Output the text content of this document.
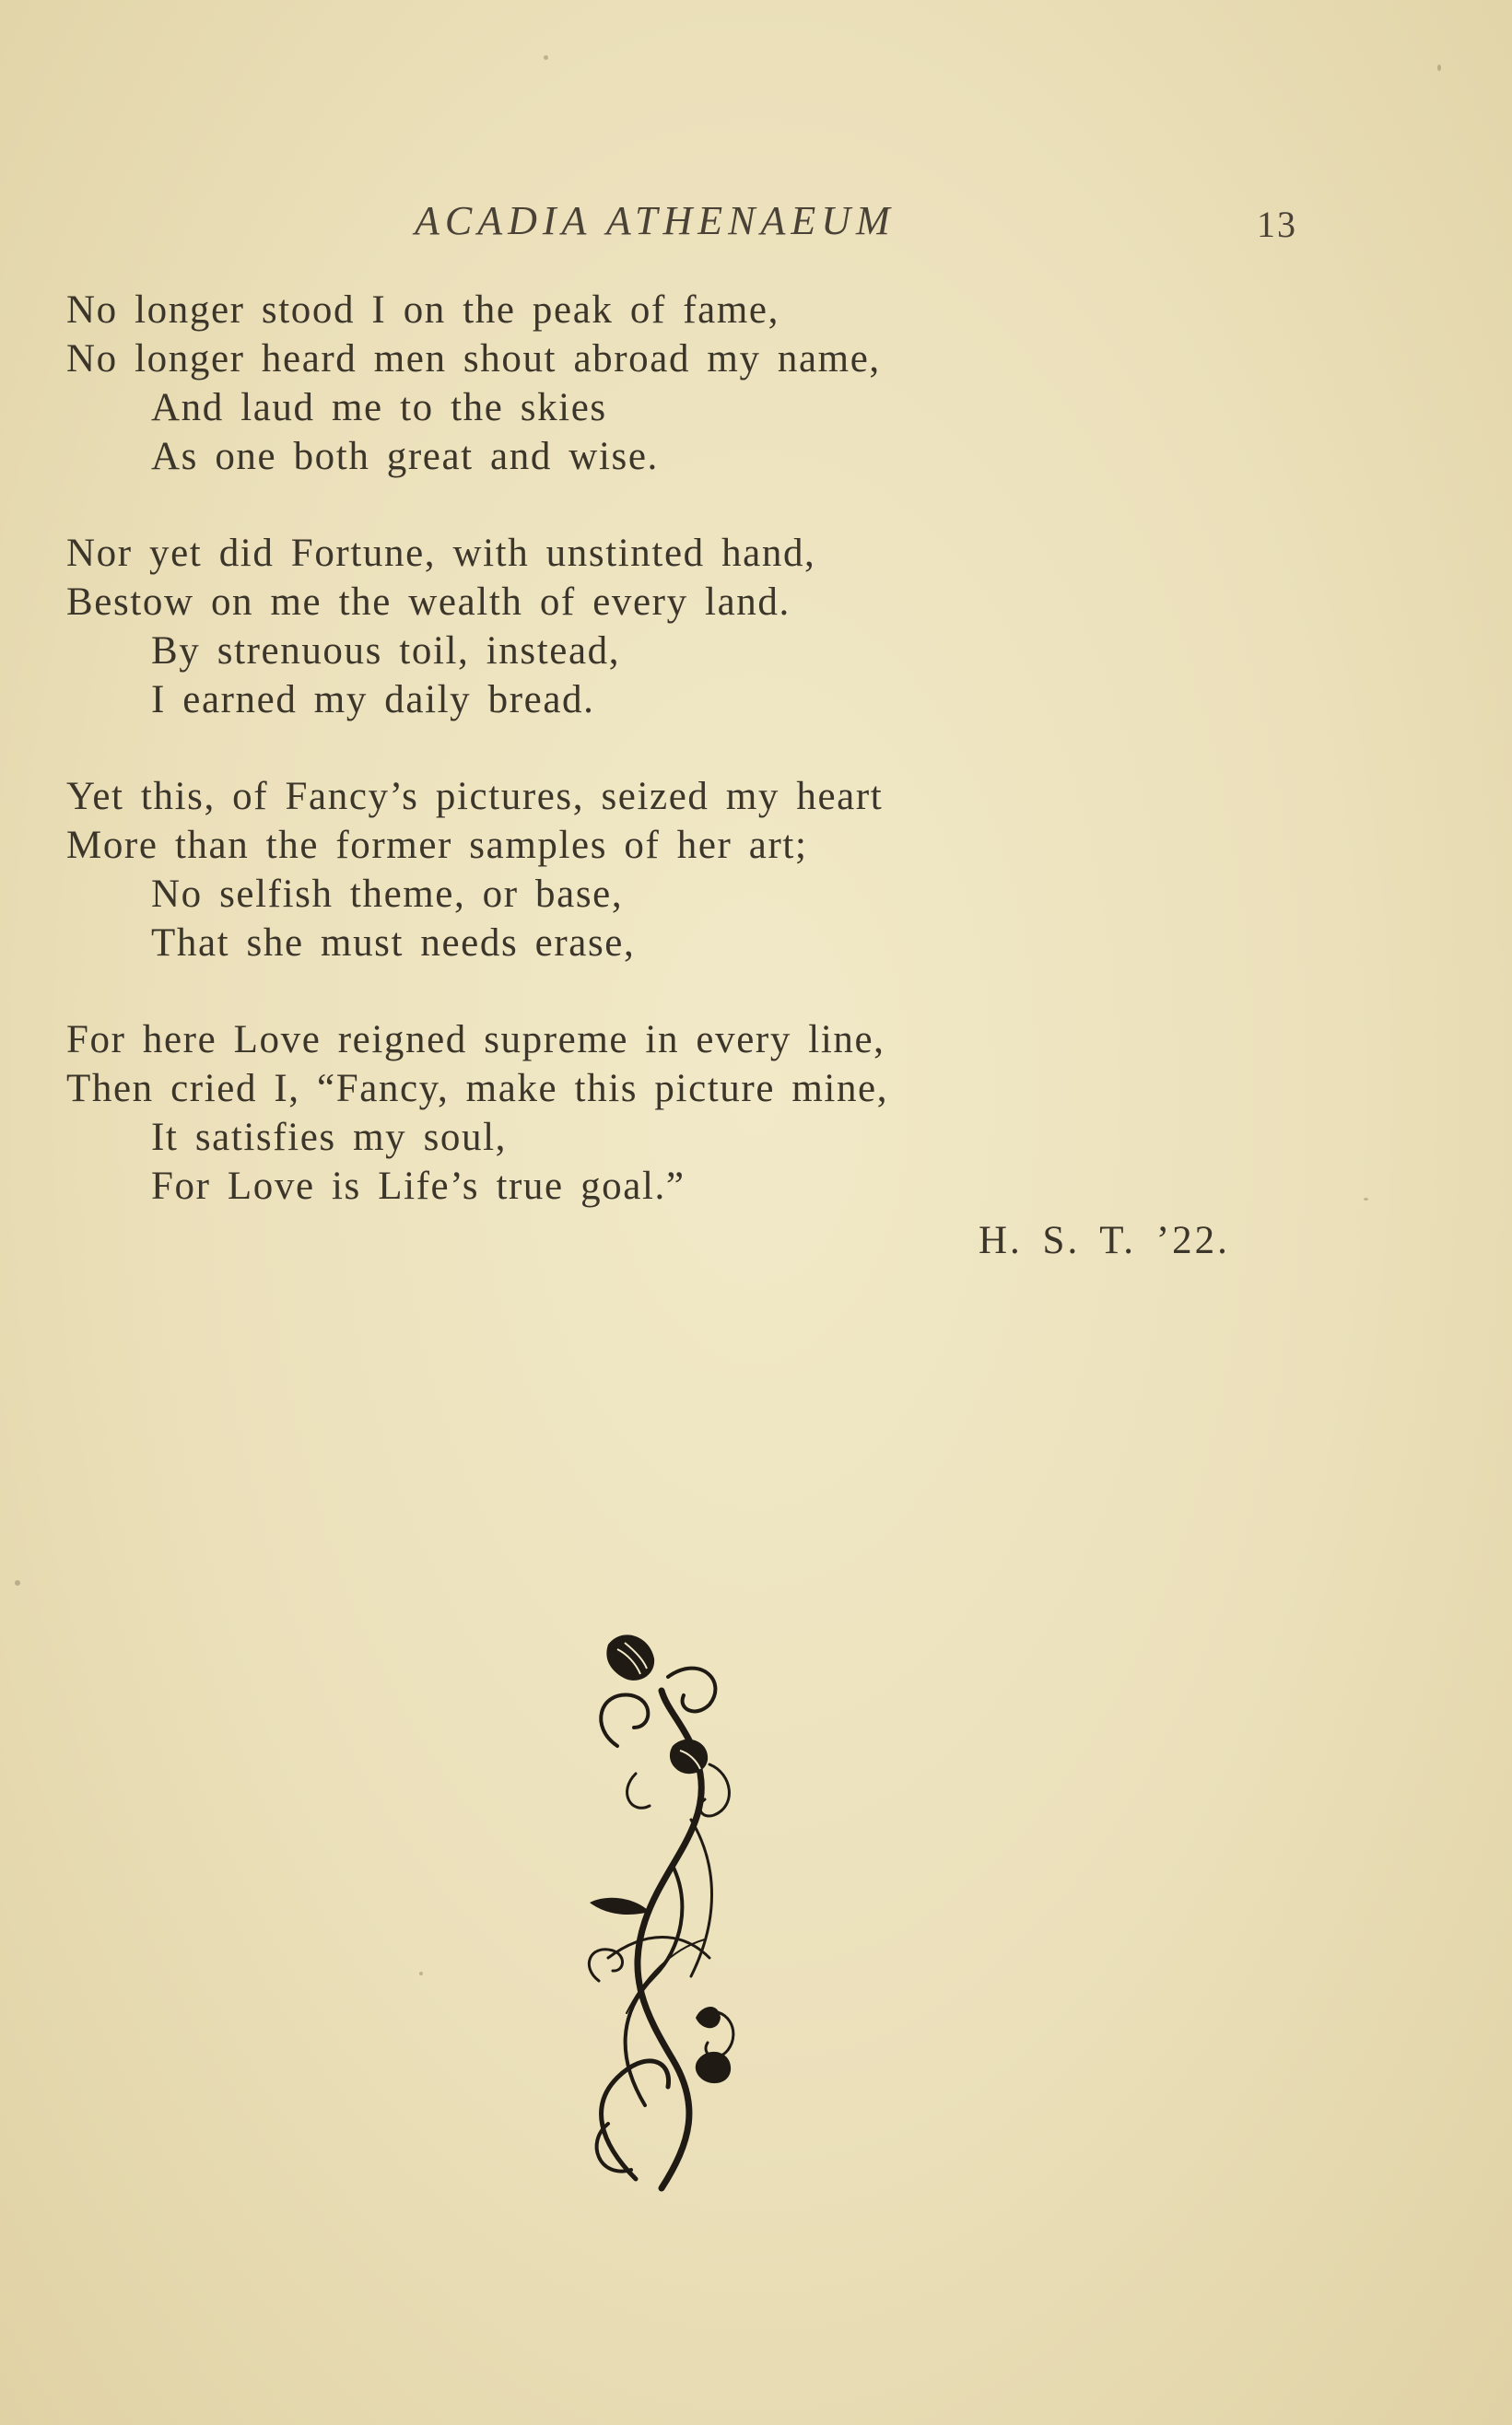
ACADIA ATHENAEUM	13
No longer stood I on the peak of fame,
No longer heard men shout abroad my name,
And laud me to the skies
As one both great and wise.
Nor yet did Fortune, with unstinted hand,
Bestow on me the wealth of every land.
By strenuous toil, instead,
I earned my daily bread.
Yet this, of Fancy’s pictures, seized my heart
More than the former samples of her art;
No selfish theme, or base,
That she must needs erase,
For here Love reigned supreme in every line,
Then cried I, “Fancy, make this picture mine,
It satisfies my soul,
For Love is Life’s true goal.”
H. S. T. ’22.
